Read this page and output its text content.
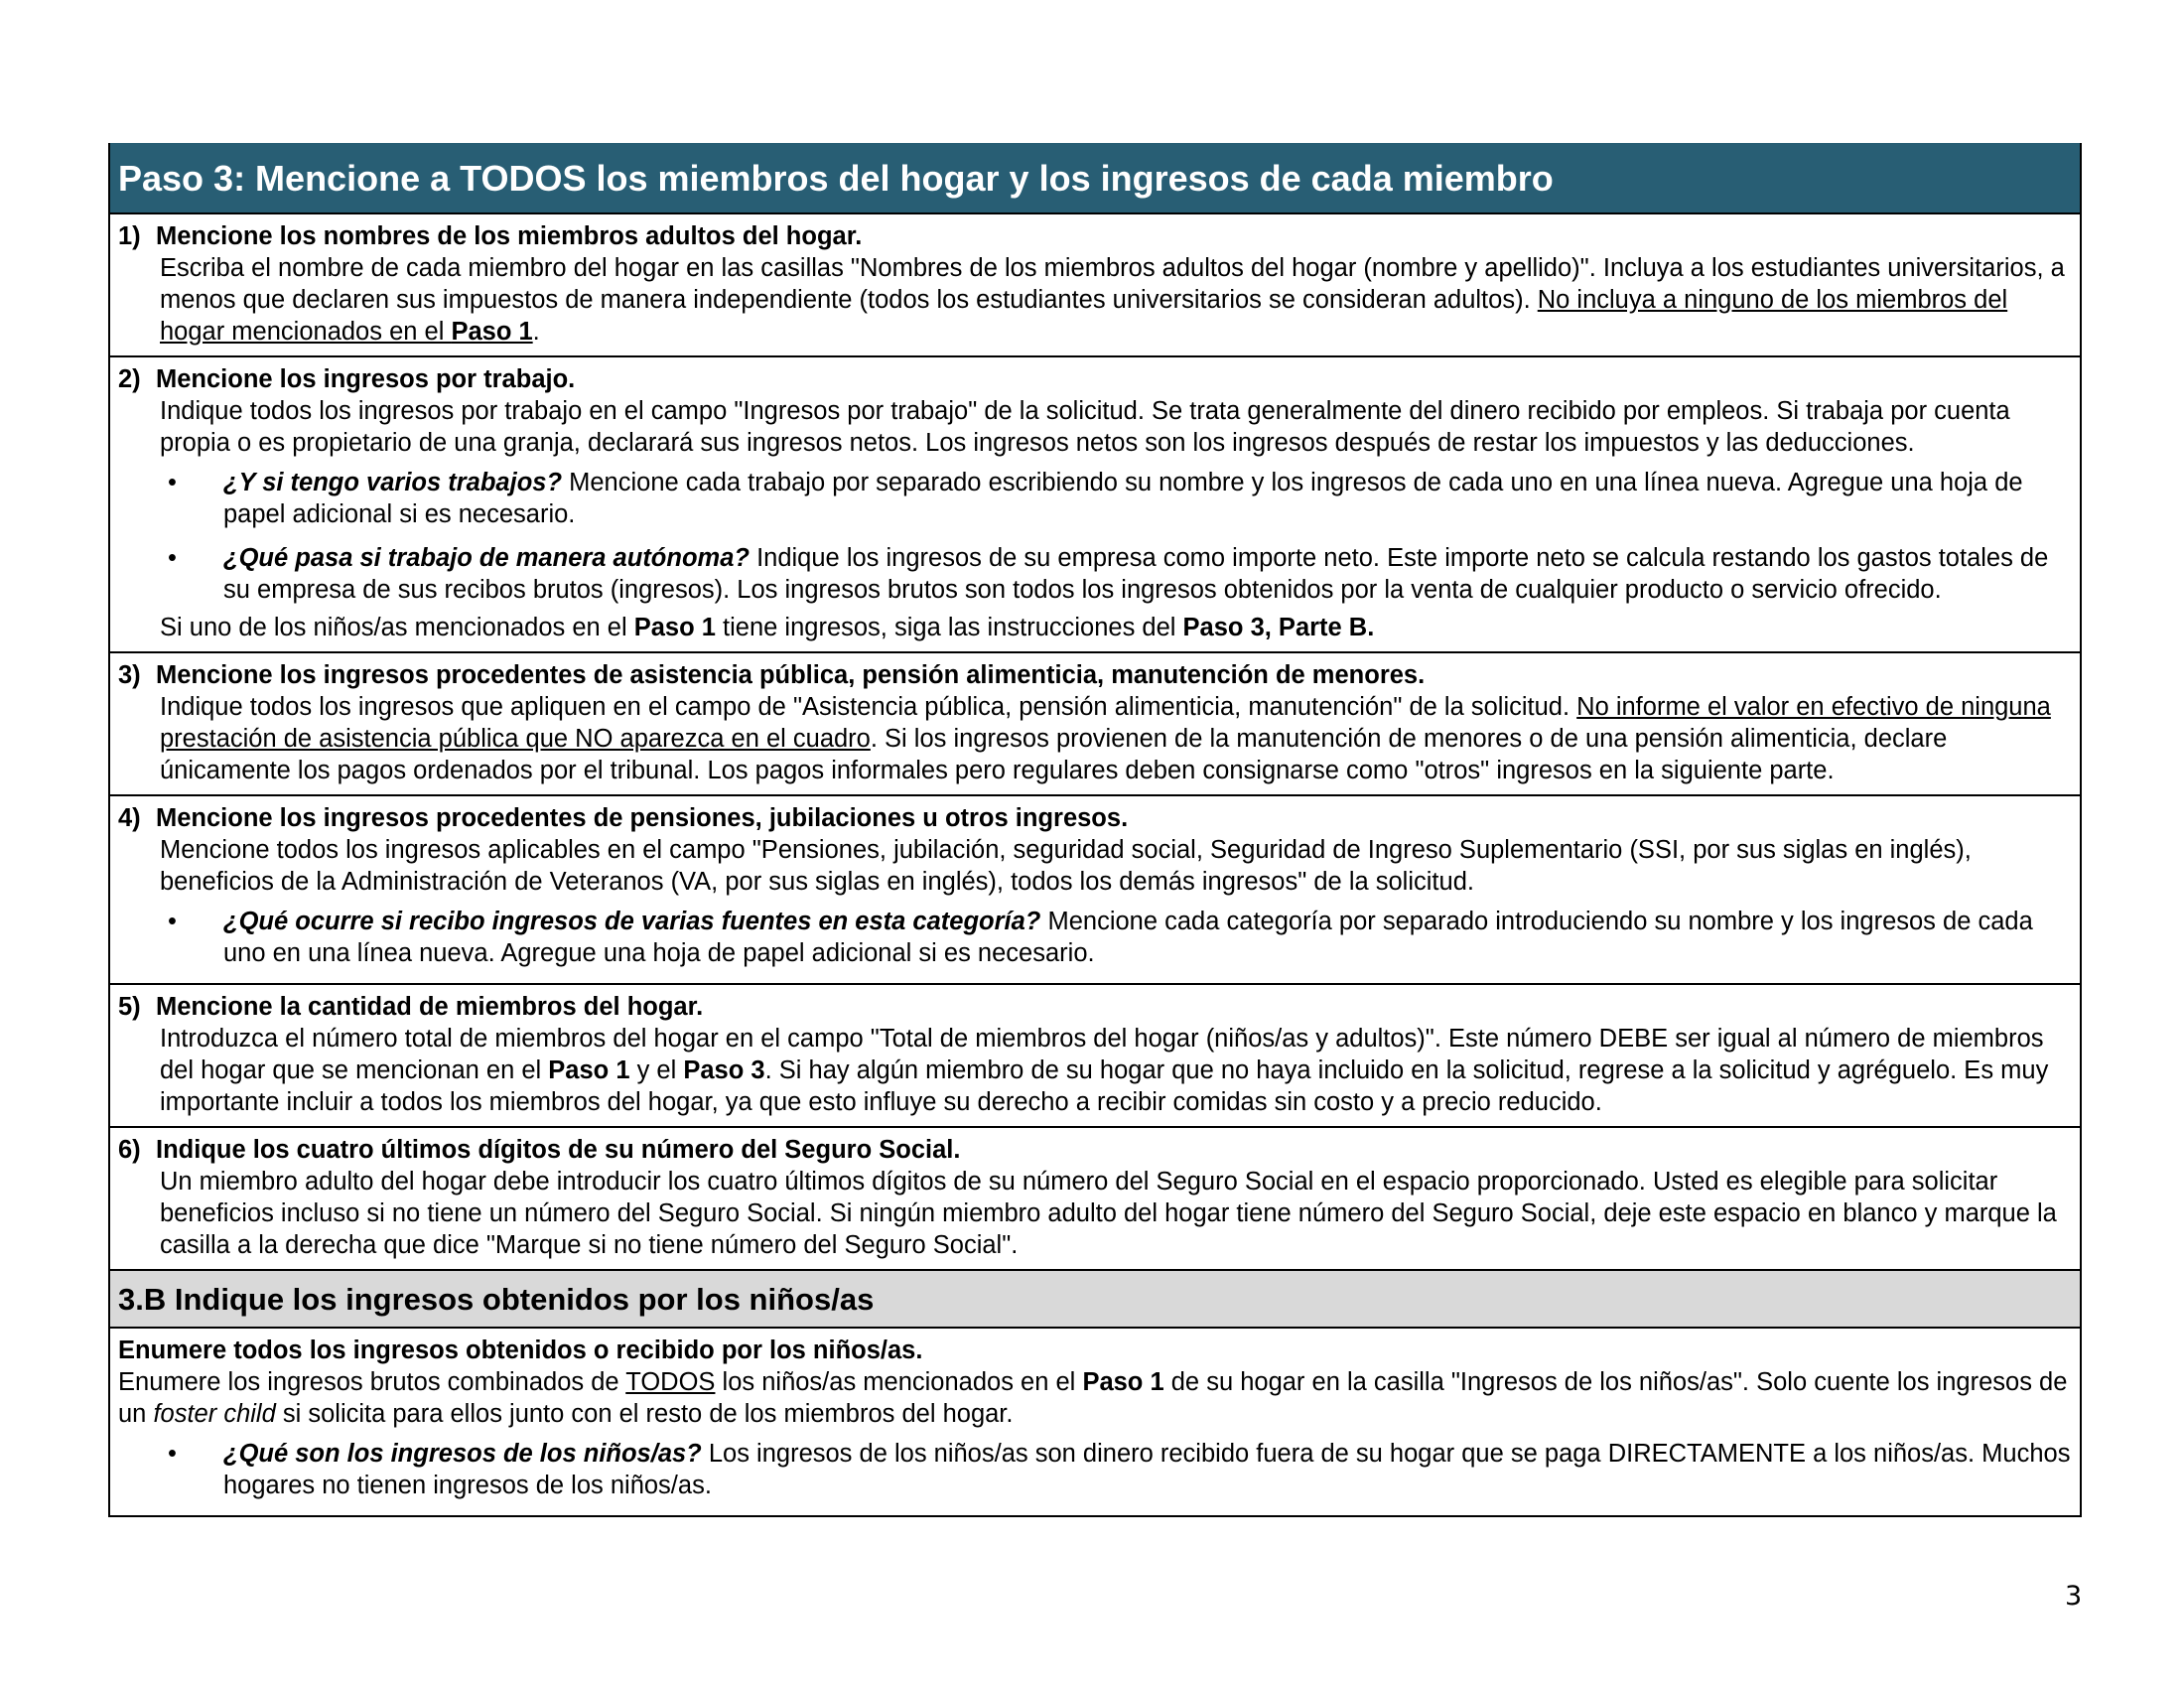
Paso 3: Mencione a TODOS los miembros del hogar y los ingresos de cada miembro
1) Mencione los nombres de los miembros adultos del hogar.
Escriba el nombre de cada miembro del hogar en las casillas "Nombres de los miembros adultos del hogar (nombre y apellido)". Incluya a los estudiantes universitarios, a menos que declaren sus impuestos de manera independiente (todos los estudiantes universitarios se consideran adultos). No incluya a ninguno de los miembros del hogar mencionados en el Paso 1.
2) Mencione los ingresos por trabajo.
Indique todos los ingresos por trabajo en el campo "Ingresos por trabajo" de la solicitud. Se trata generalmente del dinero recibido por empleos. Si trabaja por cuenta propia o es propietario de una granja, declarará sus ingresos netos. Los ingresos netos son los ingresos después de restar los impuestos y las deducciones.
• ¿Y si tengo varios trabajos? Mencione cada trabajo por separado escribiendo su nombre y los ingresos de cada uno en una línea nueva. Agregue una hoja de papel adicional si es necesario.
• ¿Qué pasa si trabajo de manera autónoma? Indique los ingresos de su empresa como importe neto. Este importe neto se calcula restando los gastos totales de su empresa de sus recibos brutos (ingresos). Los ingresos brutos son todos los ingresos obtenidos por la venta de cualquier producto o servicio ofrecido.
Si uno de los niños/as mencionados en el Paso 1 tiene ingresos, siga las instrucciones del Paso 3, Parte B.
3) Mencione los ingresos procedentes de asistencia pública, pensión alimenticia, manutención de menores.
Indique todos los ingresos que apliquen en el campo de "Asistencia pública, pensión alimenticia, manutención" de la solicitud. No informe el valor en efectivo de ninguna prestación de asistencia pública que NO aparezca en el cuadro. Si los ingresos provienen de la manutención de menores o de una pensión alimenticia, declare únicamente los pagos ordenados por el tribunal. Los pagos informales pero regulares deben consignarse como "otros" ingresos en la siguiente parte.
4) Mencione los ingresos procedentes de pensiones, jubilaciones u otros ingresos.
Mencione todos los ingresos aplicables en el campo "Pensiones, jubilación, seguridad social, Seguridad de Ingreso Suplementario (SSI, por sus siglas en inglés), beneficios de la Administración de Veteranos (VA, por sus siglas en inglés), todos los demás ingresos" de la solicitud.
• ¿Qué ocurre si recibo ingresos de varias fuentes en esta categoría? Mencione cada categoría por separado introduciendo su nombre y los ingresos de cada uno en una línea nueva. Agregue una hoja de papel adicional si es necesario.
5) Mencione la cantidad de miembros del hogar.
Introduzca el número total de miembros del hogar en el campo "Total de miembros del hogar (niños/as y adultos)". Este número DEBE ser igual al número de miembros del hogar que se mencionan en el Paso 1 y el Paso 3. Si hay algún miembro de su hogar que no haya incluido en la solicitud, regrese a la solicitud y agréguelo. Es muy importante incluir a todos los miembros del hogar, ya que esto influye su derecho a recibir comidas sin costo y a precio reducido.
6) Indique los cuatro últimos dígitos de su número del Seguro Social.
Un miembro adulto del hogar debe introducir los cuatro últimos dígitos de su número del Seguro Social en el espacio proporcionado. Usted es elegible para solicitar beneficios incluso si no tiene un número del Seguro Social. Si ningún miembro adulto del hogar tiene número del Seguro Social, deje este espacio en blanco y marque la casilla a la derecha que dice "Marque si no tiene número del Seguro Social".
3.B Indique los ingresos obtenidos por los niños/as
Enumere todos los ingresos obtenidos o recibido por los niños/as.
Enumere los ingresos brutos combinados de TODOS los niños/as mencionados en el Paso 1 de su hogar en la casilla "Ingresos de los niños/as". Solo cuente los ingresos de un foster child si solicita para ellos junto con el resto de los miembros del hogar.
• ¿Qué son los ingresos de los niños/as? Los ingresos de los niños/as son dinero recibido fuera de su hogar que se paga DIRECTAMENTE a los niños/as. Muchos hogares no tienen ingresos de los niños/as.
3
